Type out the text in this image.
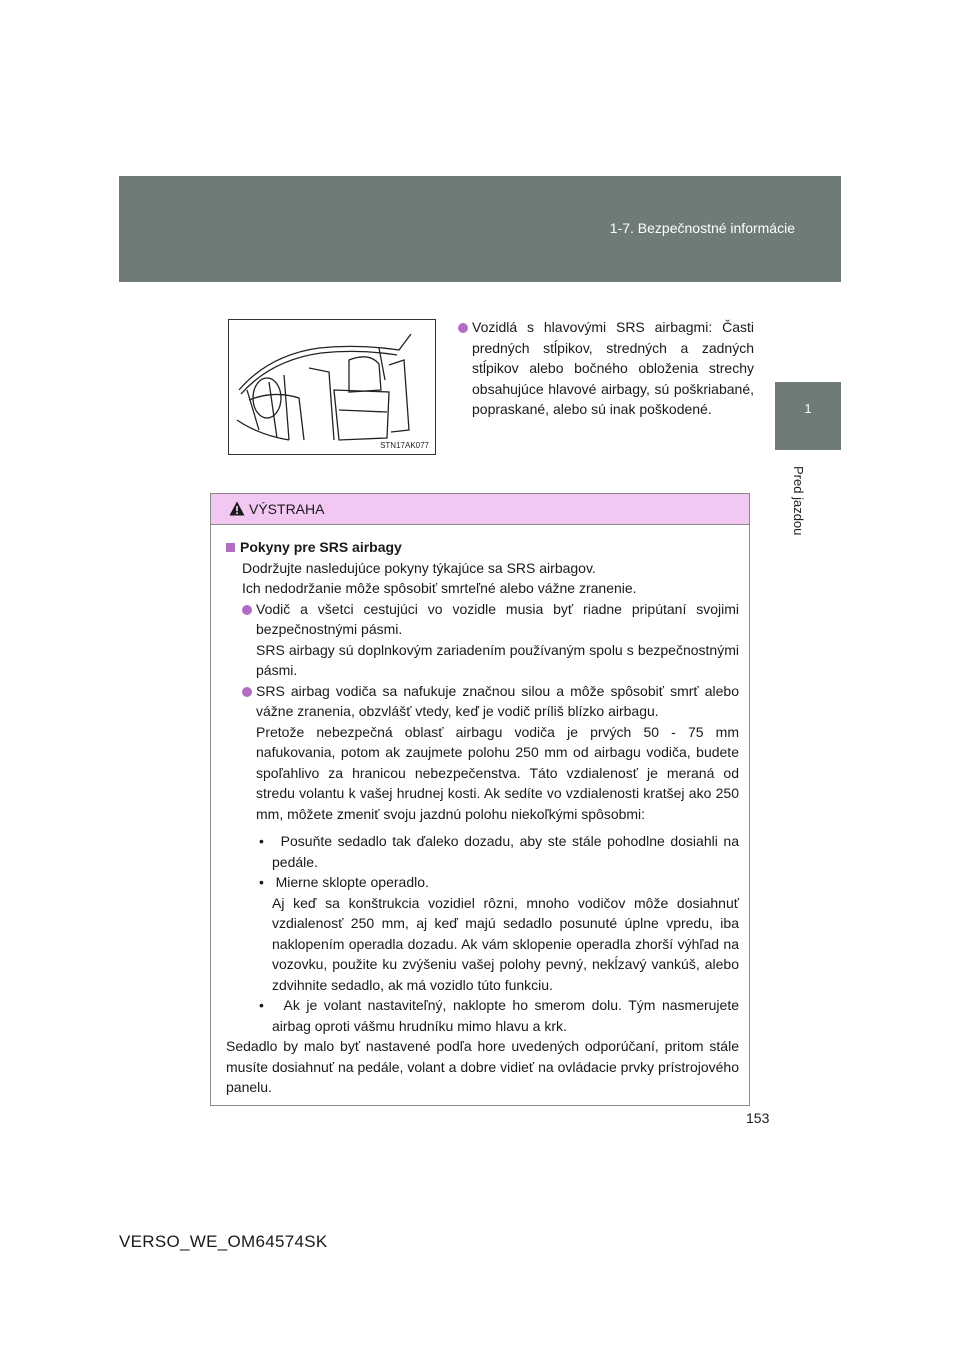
1-7. Bezpečnostné informácie
1
Pred jazdou
STN17AK077
Vozidlá s hlavovými SRS airbagmi: Časti predných stĺpikov, stredných a zadných stĺpikov alebo bočného obloženia strechy obsahujúce hlavové airbagy, sú poškriabané, popraskané, alebo sú inak poškodené.
VÝSTRAHA

Pokyny pre SRS airbagy

Dodržujte nasledujúce pokyny týkajúce sa SRS airbagov.

Ich nedodržanie môže spôsobiť smrteľné alebo vážne zranenie.

Vodič a všetci cestujúci vo vozidle musia byť riadne pripútaní svojimi bezpečnostnými pásmi.

SRS airbagy sú doplnkovým zariadením používaným spolu s bezpečnostnými pásmi.

SRS airbag vodiča sa nafukuje značnou silou a môže spôsobiť smrť alebo vážne zranenia, obzvlášť vtedy, keď je vodič príliš blízko airbagu.

Pretože nebezpečná oblasť airbagu vodiča je prvých 50 - 75 mm nafukovania, potom ak zaujmete polohu 250 mm od airbagu vodiča, budete spoľahlivo za hranicou nebezpečenstva. Táto vzdialenosť je meraná od stredu volantu k vašej hrudnej kosti. Ak sedíte vo vzdialenosti kratšej ako 250 mm, môžete zmeniť svoju jazdnú polohu niekoľkými spôsobmi:

•   Posuňte sedadlo tak ďaleko dozadu, aby ste stále pohodlne dosiahli na pedále.

•   Mierne sklopte operadlo.

Aj keď sa konštrukcia vozidiel rôzni, mnoho vodičov môže dosiahnuť vzdialenosť 250 mm, aj keď majú sedadlo posunuté úplne vpredu, iba naklopením operadla dozadu. Ak vám sklopenie operadla zhorší výhľad na vozovku, použite ku zvýšeniu vašej polohy pevný, nekĺzavý vankúš, alebo zdvihnite sedadlo, ak má vozidlo túto funkciu.

•   Ak je volant nastaviteľný, naklopte ho smerom dolu. Tým nasmerujete airbag oproti vášmu hrudníku mimo hlavu a krk.

Sedadlo by malo byť nastavené podľa hore uvedených odporúčaní, pritom stále musíte dosiahnuť na pedále, volant a dobre vidieť na ovládacie prvky prístrojového panelu.

153
VERSO_WE_OM64574SK
